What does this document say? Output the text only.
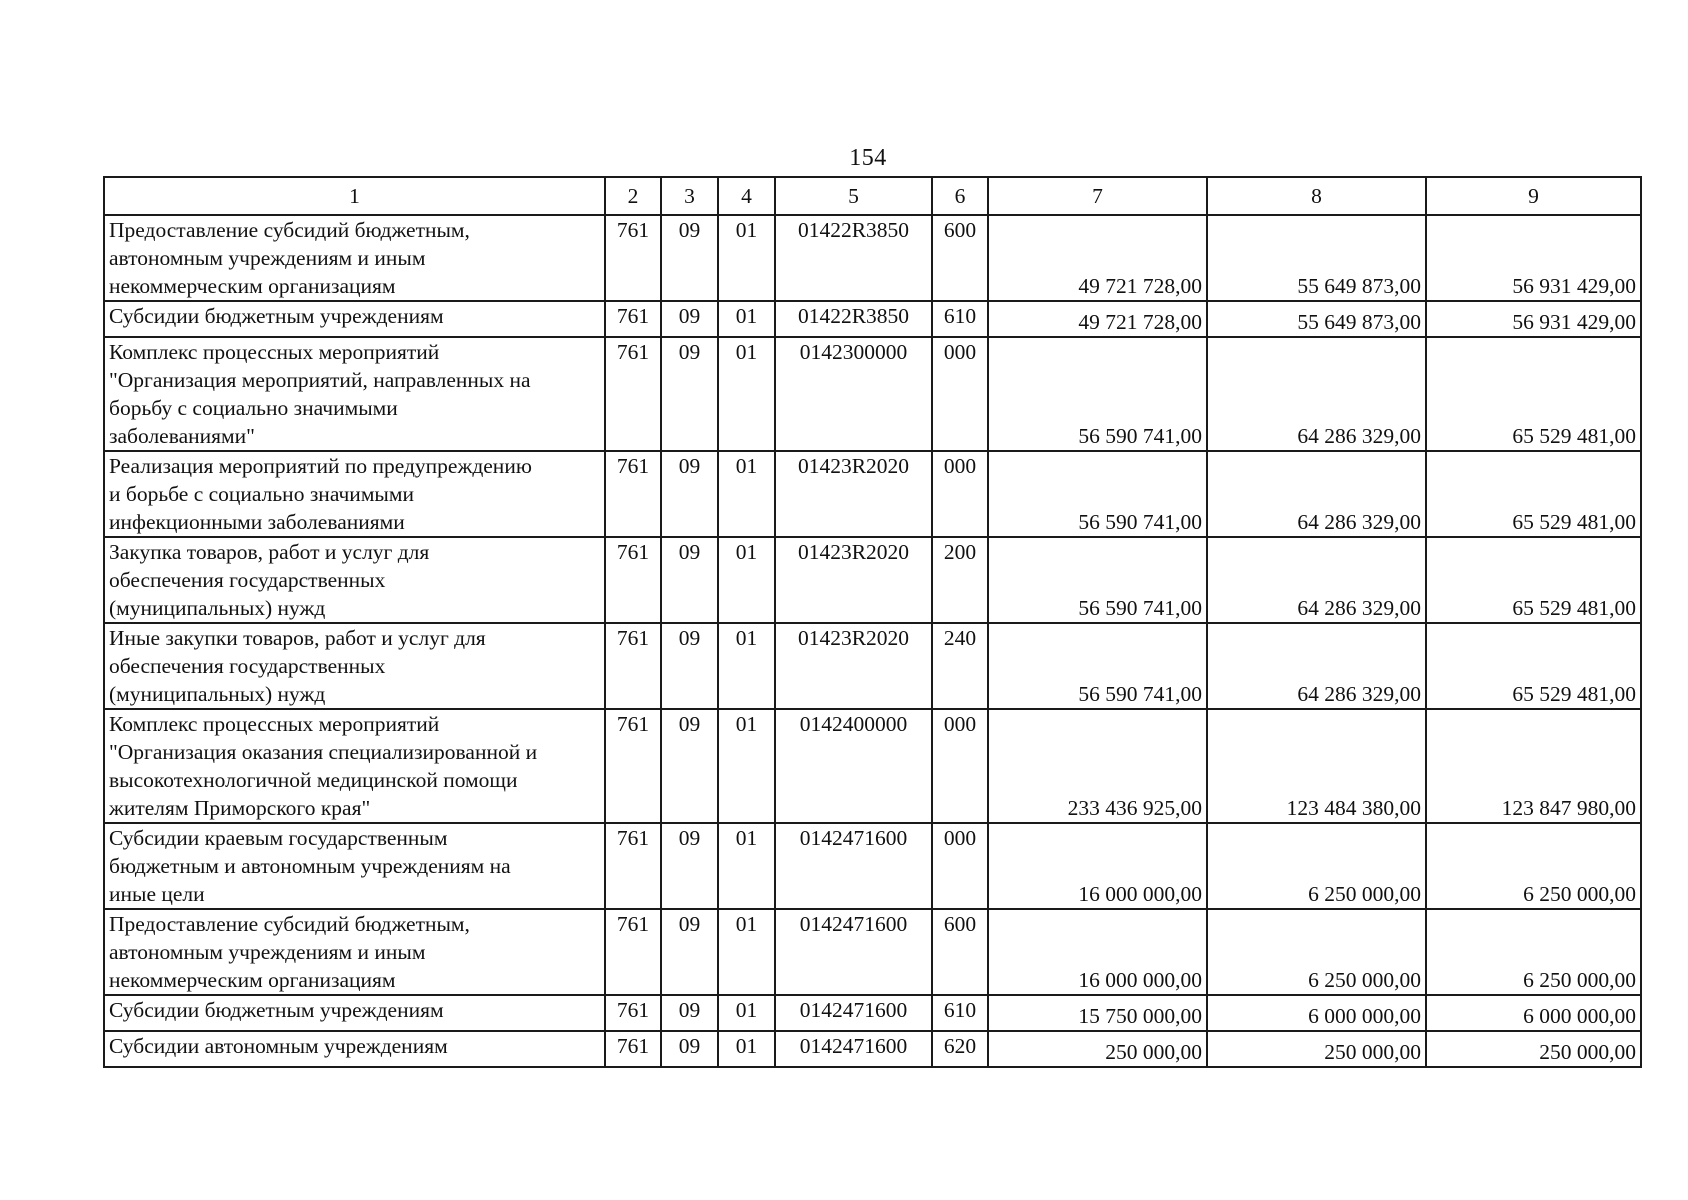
154
1	2	3	4	5	6	7	8	9

Предоставление субсидий бюджетным,
автономным учреждениям и иным
некоммерческим организациям	761	09	01	01422R3850	600	49 721 728,00	55 649 873,00	56 931 429,00

Субсидии бюджетным учреждениям	761	09	01	01422R3850	610	49 721 728,00	55 649 873,00	56 931 429,00

Комплекс процессных мероприятий
"Организация мероприятий, направленных на
борьбу с социально значимыми
заболеваниями"	761	09	01	0142300000	000	56 590 741,00	64 286 329,00	65 529 481,00

Реализация мероприятий по предупреждению
и борьбе с социально значимыми
инфекционными заболеваниями	761	09	01	01423R2020	000	56 590 741,00	64 286 329,00	65 529 481,00

Закупка товаров, работ и услуг для
обеспечения государственных
(муниципальных) нужд	761	09	01	01423R2020	200	56 590 741,00	64 286 329,00	65 529 481,00

Иные закупки товаров, работ и услуг для
обеспечения государственных
(муниципальных) нужд	761	09	01	01423R2020	240	56 590 741,00	64 286 329,00	65 529 481,00

Комплекс процессных мероприятий
"Организация оказания специализированной и
высокотехнологичной медицинской помощи
жителям Приморского края"	761	09	01	0142400000	000	233 436 925,00	123 484 380,00	123 847 980,00

Субсидии краевым государственным
бюджетным и автономным учреждениям на
иные цели	761	09	01	0142471600	000	16 000 000,00	6 250 000,00	6 250 000,00

Предоставление субсидий бюджетным,
автономным учреждениям и иным
некоммерческим организациям	761	09	01	0142471600	600	16 000 000,00	6 250 000,00	6 250 000,00

Субсидии бюджетным учреждениям	761	09	01	0142471600	610	15 750 000,00	6 000 000,00	6 000 000,00

Субсидии автономным учреждениям	761	09	01	0142471600	620	250 000,00	250 000,00	250 000,00
